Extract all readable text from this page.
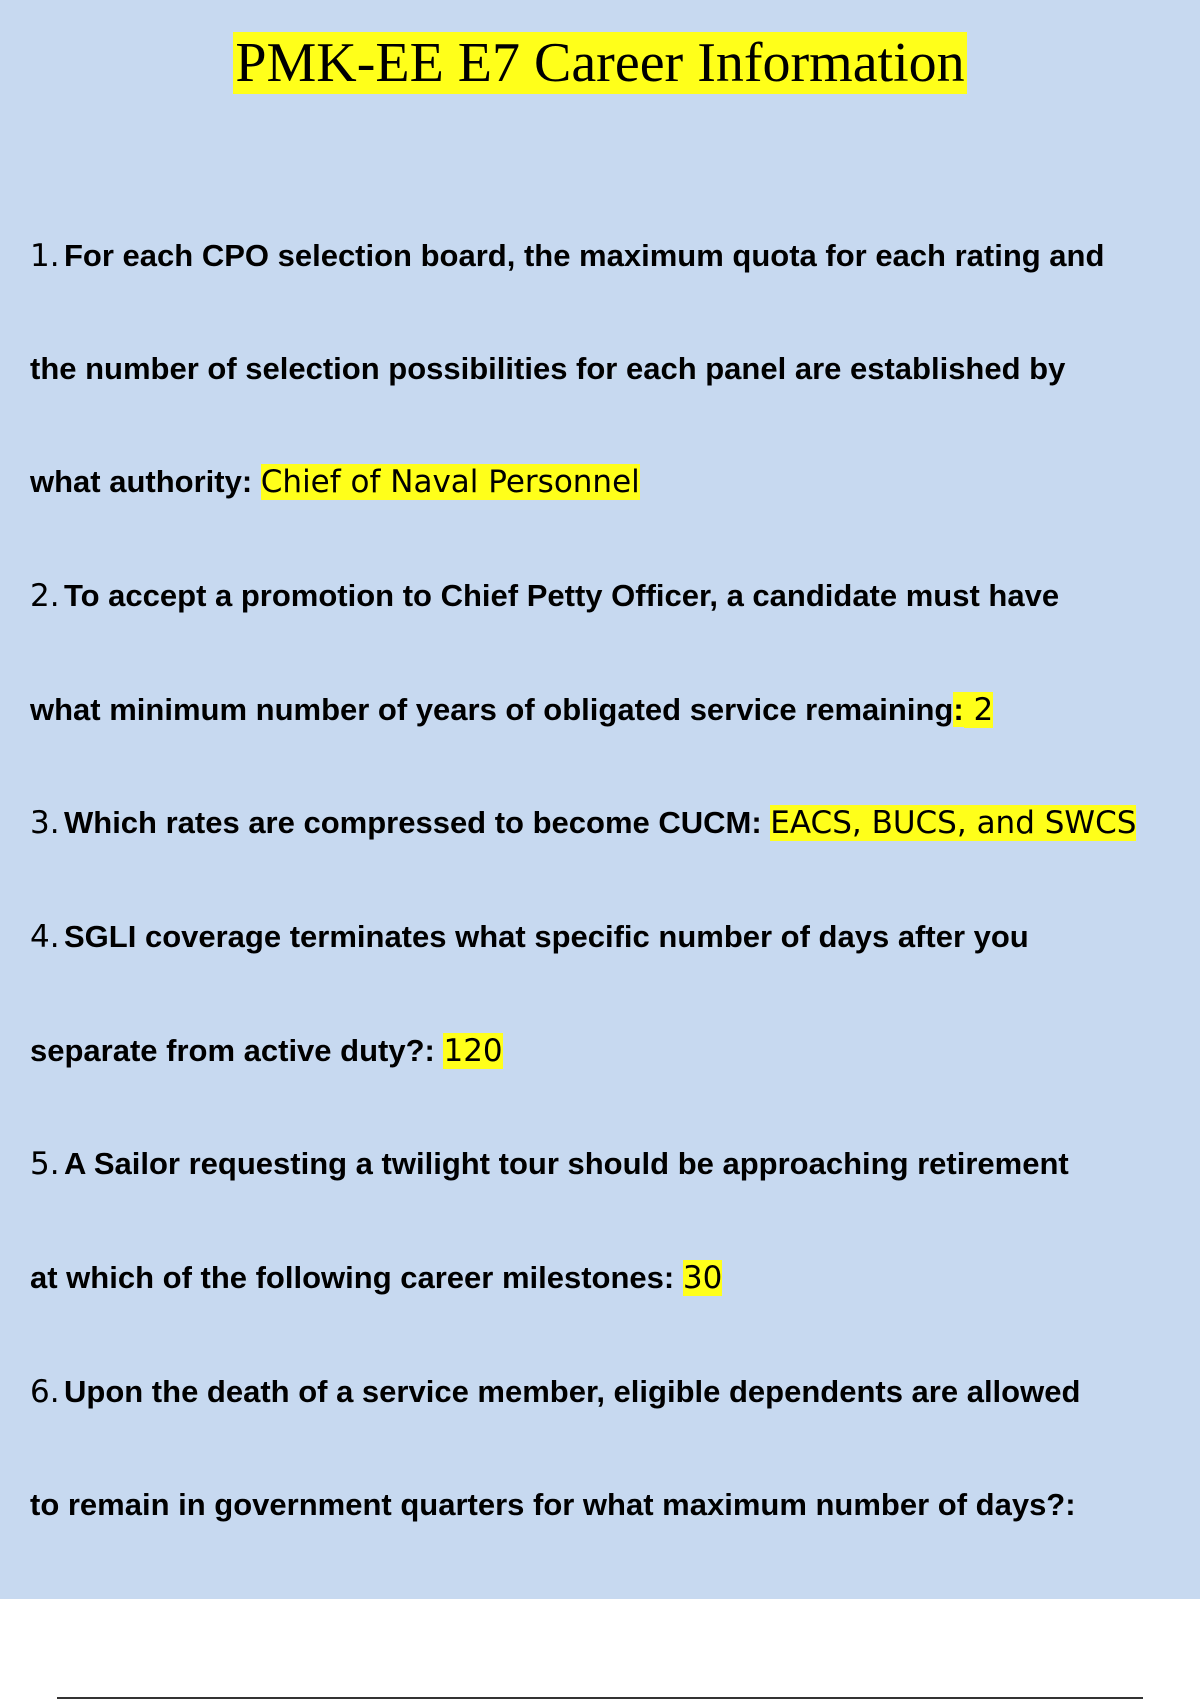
PMK-EE E7 Career Information
1. For each CPO selection board, the maximum quota for each rating and
the number of selection possibilities for each panel are established by
what authority: Chief of Naval Personnel
2. To accept a promotion to Chief Petty Officer, a candidate must have
what minimum number of years of obligated service remaining: 2
3. Which rates are compressed to become CUCM: EACS, BUCS, and SWCS
4. SGLI coverage terminates what specific number of days after you
separate from active duty?: 120
5. A Sailor requesting a twilight tour should be approaching retirement
at which of the following career milestones: 30
6. Upon the death of a service member, eligible dependents are allowed
to remain in government quarters for what maximum number of days?:
